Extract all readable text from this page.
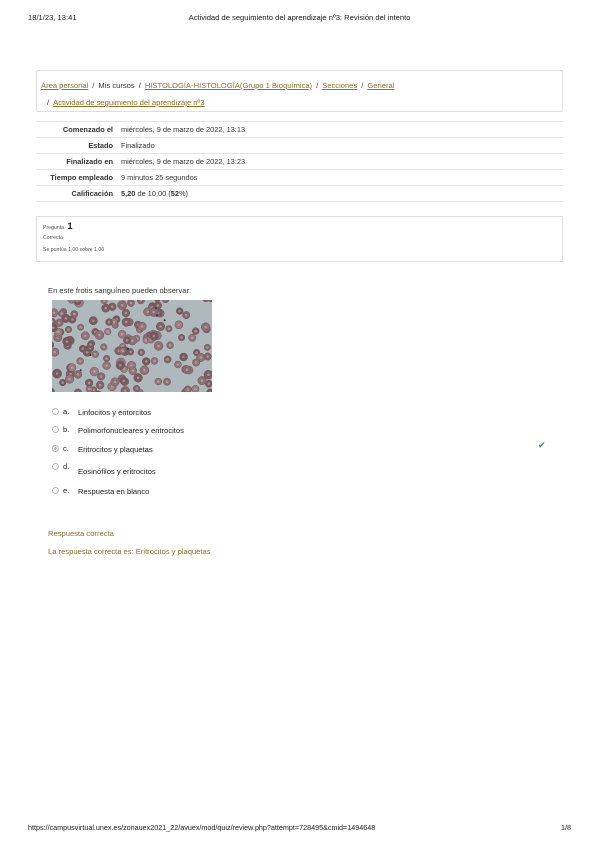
18/1/23, 13:41	Actividad de seguimiento del aprendizaje nº3: Revisión del intento
Área personal / Mis cursos / HISTOLOGÍA-HISTOLOGÍA(Grupo 1 Bioquímica) / Secciones / General
/ Actividad de seguimiento del aprendizaje nº3
Comenzado el	miércoles, 9 de marzo de 2022, 13:13
Estado	Finalizado
Finalizado en	miércoles, 9 de marzo de 2022, 13:23
Tiempo empleado	9 minutos 25 segundos
Calificación	5,20 de 10,00 (52%)
Pregunta 1
Correcta
Se puntúa 1,00 sobre 1,00
En este frotis sanguíneo pueden observar:
a. Linfocitos y eritorcitos
b. Polimorfonucleares y eritrocitos
c. Eritrocitos y plaquetas	✔
d.
Eosinófilos y eritrocitos
e. Respuesta en blanco
Respuesta correcta
La respuesta correcta es: Eritrocitos y plaquetas
https://campusvirtual.unex.es/zonauex2021_22/avuex/mod/quiz/review.php?attempt=728495&cmid=1494648	1/8
